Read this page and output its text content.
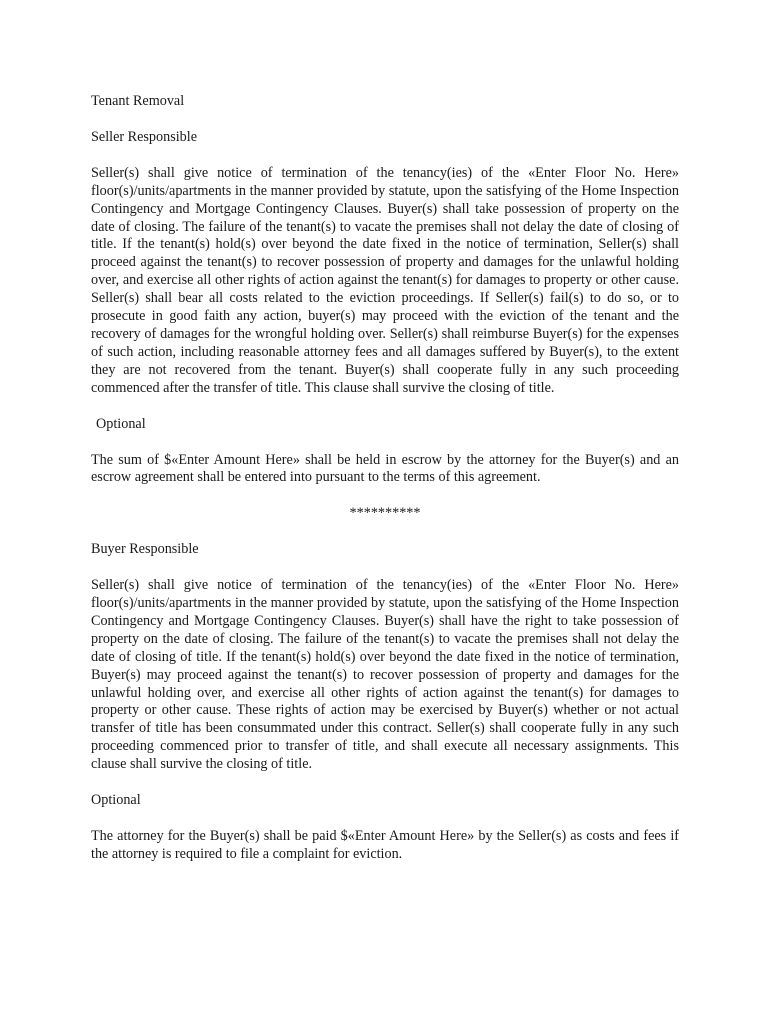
Tenant Removal

Seller Responsible

Seller(s) shall give notice of termination of the tenancy(ies) of the «Enter Floor No. Here» floor(s)/units/apartments in the manner provided by statute, upon the satisfying of the Home Inspection Contingency and Mortgage Contingency Clauses. Buyer(s) shall take possession of property on the date of closing. The failure of the tenant(s) to vacate the premises shall not delay the date of closing of title. If the tenant(s) hold(s) over beyond the date fixed in the notice of termination, Seller(s) shall proceed against the tenant(s) to recover possession of property and damages for the unlawful holding over, and exercise all other rights of action against the tenant(s) for damages to property or other cause. Seller(s) shall bear all costs related to the eviction proceedings. If Seller(s) fail(s) to do so, or to prosecute in good faith any action, buyer(s) may proceed with the eviction of the tenant and the recovery of damages for the wrongful holding over. Seller(s) shall reimburse Buyer(s) for the expenses of such action, including reasonable attorney fees and all damages suffered by Buyer(s), to the extent they are not recovered from the tenant. Buyer(s) shall cooperate fully in any such proceeding commenced after the transfer of title. This clause shall survive the closing of title.

Optional

The sum of $«Enter Amount Here» shall be held in escrow by the attorney for the Buyer(s) and an escrow agreement shall be entered into pursuant to the terms of this agreement.

**********

Buyer Responsible

Seller(s) shall give notice of termination of the tenancy(ies) of the «Enter Floor No. Here» floor(s)/units/apartments in the manner provided by statute, upon the satisfying of the Home Inspection Contingency and Mortgage Contingency Clauses. Buyer(s) shall have the right to take possession of property on the date of closing. The failure of the tenant(s) to vacate the premises shall not delay the date of closing of title. If the tenant(s) hold(s) over beyond the date fixed in the notice of termination, Buyer(s) may proceed against the tenant(s) to recover possession of property and damages for the unlawful holding over, and exercise all other rights of action against the tenant(s) for damages to property or other cause. These rights of action may be exercised by Buyer(s) whether or not actual transfer of title has been consummated under this contract. Seller(s) shall cooperate fully in any such proceeding commenced prior to transfer of title, and shall execute all necessary assignments. This clause shall survive the closing of title.

Optional

The attorney for the Buyer(s) shall be paid $«Enter Amount Here» by the Seller(s) as costs and fees if the attorney is required to file a complaint for eviction.
